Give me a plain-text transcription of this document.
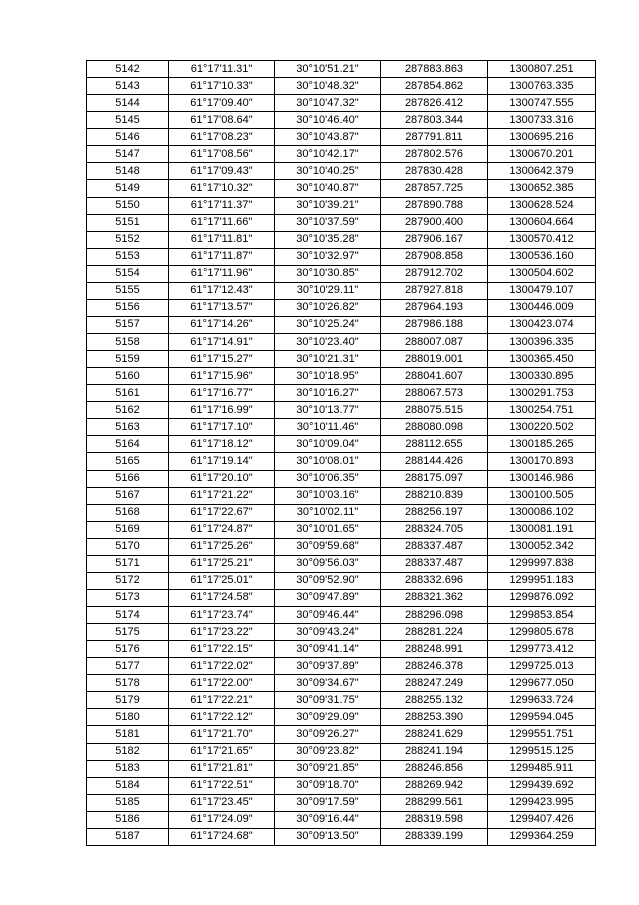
5142	61°17'11.31"	30°10'51.21"	287883.863	1300807.251
5143	61°17'10.33"	30°10'48.32"	287854.862	1300763.335
5144	61°17'09.40"	30°10'47.32"	287826.412	1300747.555
5145	61°17'08.64"	30°10'46.40"	287803.344	1300733.316
5146	61°17'08.23"	30°10'43.87"	287791.811	1300695.216
5147	61°17'08.56"	30°10'42.17"	287802.576	1300670.201
5148	61°17'09.43"	30°10'40.25"	287830.428	1300642.379
5149	61°17'10.32"	30°10'40.87"	287857.725	1300652.385
5150	61°17'11.37"	30°10'39.21"	287890.788	1300628.524
5151	61°17'11.66"	30°10'37.59"	287900.400	1300604.664
5152	61°17'11.81"	30°10'35.28"	287906.167	1300570.412
5153	61°17'11.87"	30°10'32.97"	287908.858	1300536.160
5154	61°17'11.96"	30°10'30.85"	287912.702	1300504.602
5155	61°17'12.43"	30°10'29.11"	287927.818	1300479.107
5156	61°17'13.57"	30°10'26.82"	287964.193	1300446.009
5157	61°17'14.26"	30°10'25.24"	287986.188	1300423.074
5158	61°17'14.91"	30°10'23.40"	288007.087	1300396.335
5159	61°17'15.27"	30°10'21.31"	288019.001	1300365.450
5160	61°17'15.96"	30°10'18.95"	288041.607	1300330.895
5161	61°17'16.77"	30°10'16.27"	288067.573	1300291.753
5162	61°17'16.99"	30°10'13.77"	288075.515	1300254.751
5163	61°17'17.10"	30°10'11.46"	288080.098	1300220.502
5164	61°17'18.12"	30°10'09.04"	288112.655	1300185.265
5165	61°17'19.14"	30°10'08.01"	288144.426	1300170.893
5166	61°17'20.10"	30°10'06.35"	288175.097	1300146.986
5167	61°17'21.22"	30°10'03.16"	288210.839	1300100.505
5168	61°17'22.67"	30°10'02.11"	288256.197	1300086.102
5169	61°17'24.87"	30°10'01.65"	288324.705	1300081.191
5170	61°17'25.26"	30°09'59.68"	288337.487	1300052.342
5171	61°17'25.21"	30°09'56.03"	288337.487	1299997.838
5172	61°17'25.01"	30°09'52.90"	288332.696	1299951.183
5173	61°17'24.58"	30°09'47.89"	288321.362	1299876.092
5174	61°17'23.74"	30°09'46.44"	288296.098	1299853.854
5175	61°17'23.22"	30°09'43.24"	288281.224	1299805.678
5176	61°17'22.15"	30°09'41.14"	288248.991	1299773.412
5177	61°17'22.02"	30°09'37.89"	288246.378	1299725.013
5178	61°17'22.00"	30°09'34.67"	288247.249	1299677.050
5179	61°17'22.21"	30°09'31.75"	288255.132	1299633.724
5180	61°17'22.12"	30°09'29.09"	288253.390	1299594.045
5181	61°17'21.70"	30°09'26.27"	288241.629	1299551.751
5182	61°17'21.65"	30°09'23.82"	288241.194	1299515.125
5183	61°17'21.81"	30°09'21.85"	288246.856	1299485.911
5184	61°17'22.51"	30°09'18.70"	288269.942	1299439.692
5185	61°17'23.45"	30°09'17.59"	288299.561	1299423.995
5186	61°17'24.09"	30°09'16.44"	288319.598	1299407.426
5187	61°17'24.68"	30°09'13.50"	288339.199	1299364.259
